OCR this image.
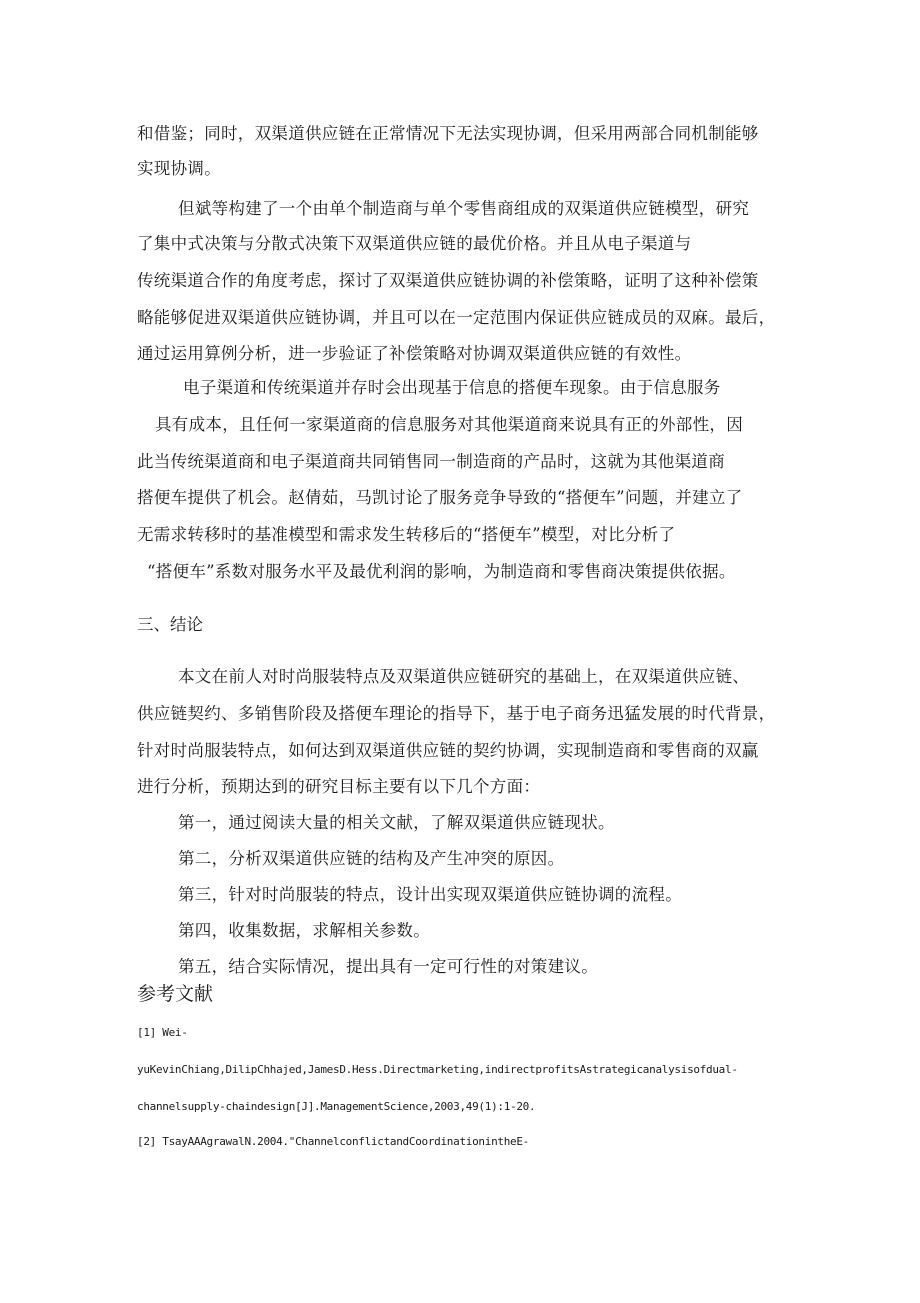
和借鉴；同时，双渠道供应链在正常情况下无法实现协调，但采用两部合同机制能够
实现协调。
但斌等构建了一个由单个制造商与单个零售商组成的双渠道供应链模型，研究
了集中式决策与分散式决策下双渠道供应链的最优价格。并且从电子渠道与
传统渠道合作的角度考虑，探讨了双渠道供应链协调的补偿策略，证明了这种补偿策
略能够促进双渠道供应链协调，并且可以在一定范围内保证供应链成员的双麻。最后，
通过运用算例分析，进一步验证了补偿策略对协调双渠道供应链的有效性。
电子渠道和传统渠道并存时会出现基于信息的搭便车现象。由于信息服务
具有成本，且任何一家渠道商的信息服务对其他渠道商来说具有正的外部性，因
此当传统渠道商和电子渠道商共同销售同一制造商的产品时，这就为其他渠道商
搭便车提供了机会。赵倩茹，马凯讨论了服务竞争导致的“搭便车”问题，并建立了
无需求转移时的基准模型和需求发生转移后的“搭便车”模型，对比分析了
“搭便车”系数对服务水平及最优利润的影响，为制造商和零售商决策提供依据。
三、结论
本文在前人对时尚服装特点及双渠道供应链研究的基础上，在双渠道供应链、
供应链契约、多销售阶段及搭便车理论的指导下，基于电子商务迅猛发展的时代背景，
针对时尚服装特点，如何达到双渠道供应链的契约协调，实现制造商和零售商的双赢
进行分析，预期达到的研究目标主要有以下几个方面：
第一，通过阅读大量的相关文献，了解双渠道供应链现状。
第二，分析双渠道供应链的结构及产生冲突的原因。
第三，针对时尚服装的特点，设计出实现双渠道供应链协调的流程。
第四，收集数据，求解相关参数。
第五，结合实际情况，提出具有一定可行性的对策建议。
参考文献
[1] Wei-
yuKevinChiang,DilipChhajed,JamesD.Hess.Directmarketing,indirectprofitsAstrategicanalysisofdual-
channelsupply-chaindesign[J].ManagementScience,2003,49(1):1-20.
[2] TsayAAAgrawalN.2004."ChannelconflictandCoordinationintheE-
